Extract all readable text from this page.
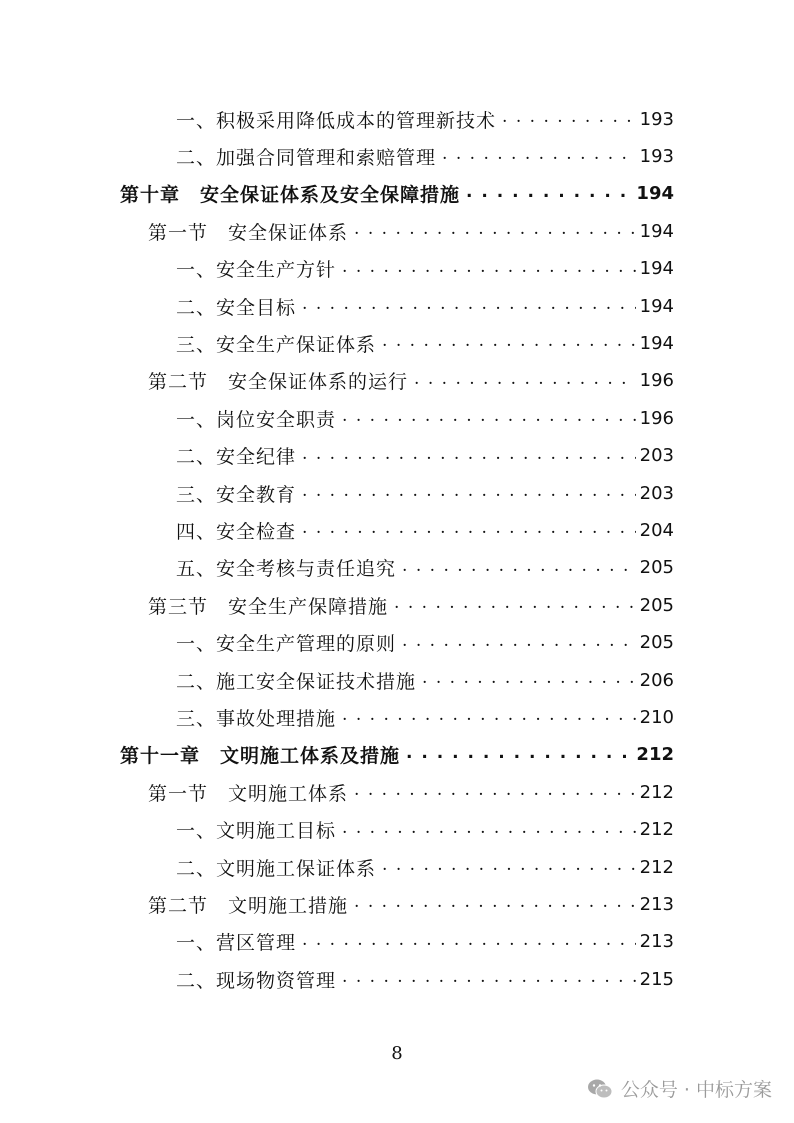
一、积极采用降低成本的管理新技术 . . .	193
二、加强合同管理和索赔管理 . . .	193
第十章　安全保证体系及安全保障措施 . . .	194
第一节　安全保证体系 . . .	194
一、安全生产方针 . . .	194
二、安全目标 . . .	194
三、安全生产保证体系 . . .	194
第二节　安全保证体系的运行 . . .	196
一、岗位安全职责 . . .	196
二、安全纪律 . . .	203
三、安全教育 . . .	203
四、安全检查 . . .	204
五、安全考核与责任追究 . . .	205
第三节　安全生产保障措施 . . .	205
一、安全生产管理的原则 . . .	205
二、施工安全保证技术措施 . . .	206
三、事故处理措施 . . .	210
第十一章　文明施工体系及措施 . . .	212
第一节　文明施工体系 . . .	212
一、文明施工目标 . . .	212
二、文明施工保证体系 . . .	212
第二节　文明施工措施 . . .	213
一、营区管理 . . .	213
二、现场物资管理 . . .	215
8
公众号 · 中标方案
